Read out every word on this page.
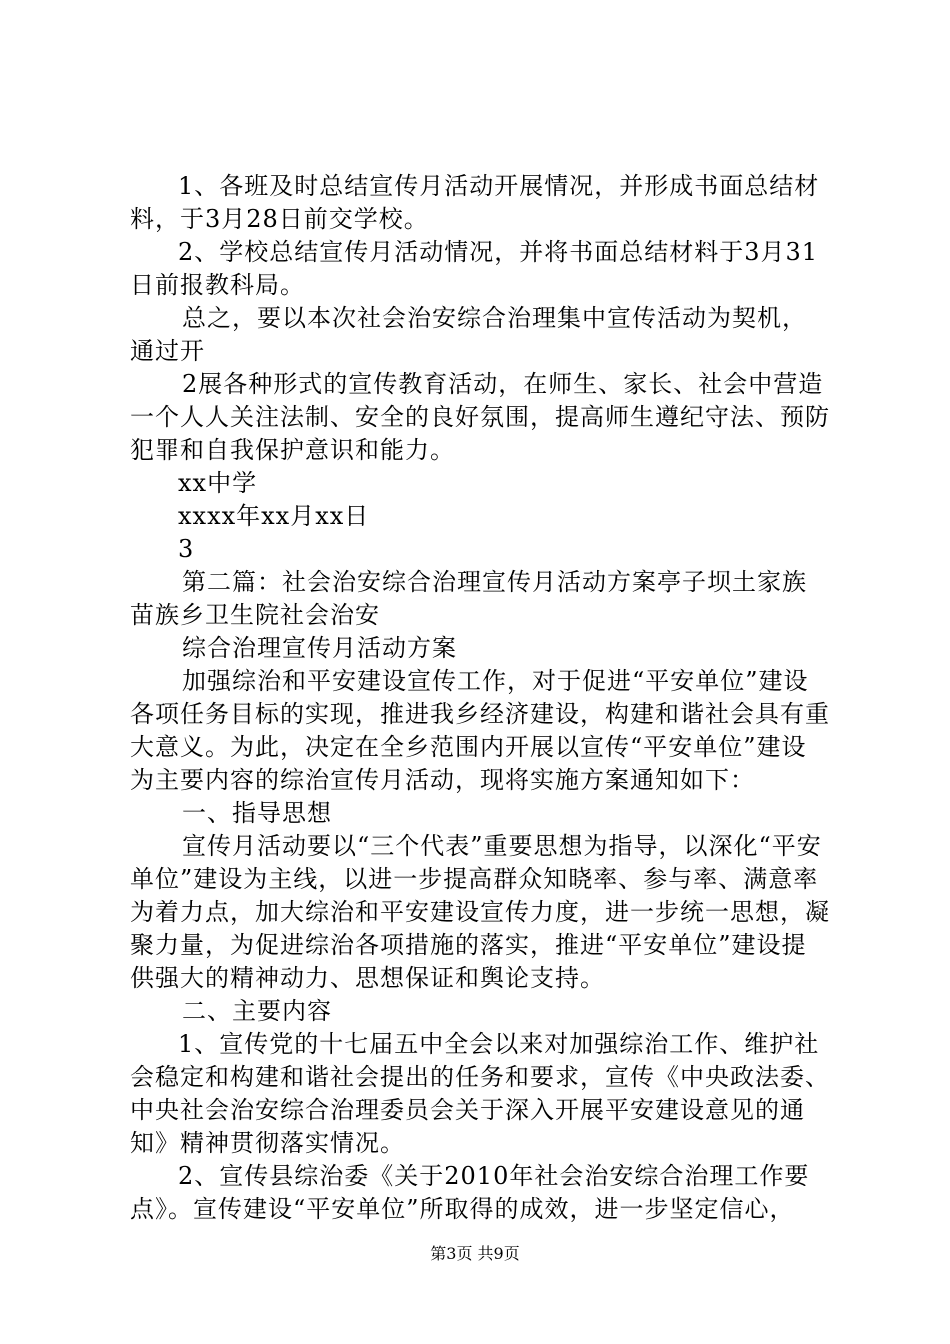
1、各班及时总结宣传月活动开展情况，并形成书面总结材料，于3月28日前交学校。

2、学校总结宣传月活动情况，并将书面总结材料于3月31日前报教科局。

总之，要以本次社会治安综合治理集中宣传活动为契机，通过开

2展各种形式的宣传教育活动，在师生、家长、社会中营造一个人人关注法制、安全的良好氛围，提高师生遵纪守法、预防犯罪和自我保护意识和能力。

xx中学

xxxx年xx月xx日

3

第二篇：社会治安综合治理宣传月活动方案亭子坝土家族苗族乡卫生院社会治安

综合治理宣传月活动方案

加强综治和平安建设宣传工作，对于促进“平安单位”建设各项任务目标的实现，推进我乡经济建设，构建和谐社会具有重大意义。为此，决定在全乡范围内开展以宣传“平安单位”建设为主要内容的综治宣传月活动，现将实施方案通知如下：

一、指导思想

宣传月活动要以“三个代表”重要思想为指导，以深化“平安单位”建设为主线，以进一步提高群众知晓率、参与率、满意率为着力点，加大综治和平安建设宣传力度，进一步统一思想，凝聚力量，为促进综治各项措施的落实，推进“平安单位”建设提供强大的精神动力、思想保证和舆论支持。

二、主要内容

1、宣传党的十七届五中全会以来对加强综治工作、维护社会稳定和构建和谐社会提出的任务和要求，宣传《中央政法委、中央社会治安综合治理委员会关于深入开展平安建设意见的通知》精神贯彻落实情况。

2、宣传县综治委《关于2010年社会治安综合治理工作要点》。宣传建设“平安单位”所取得的成效，进一步坚定信心，

第3页 共9页
